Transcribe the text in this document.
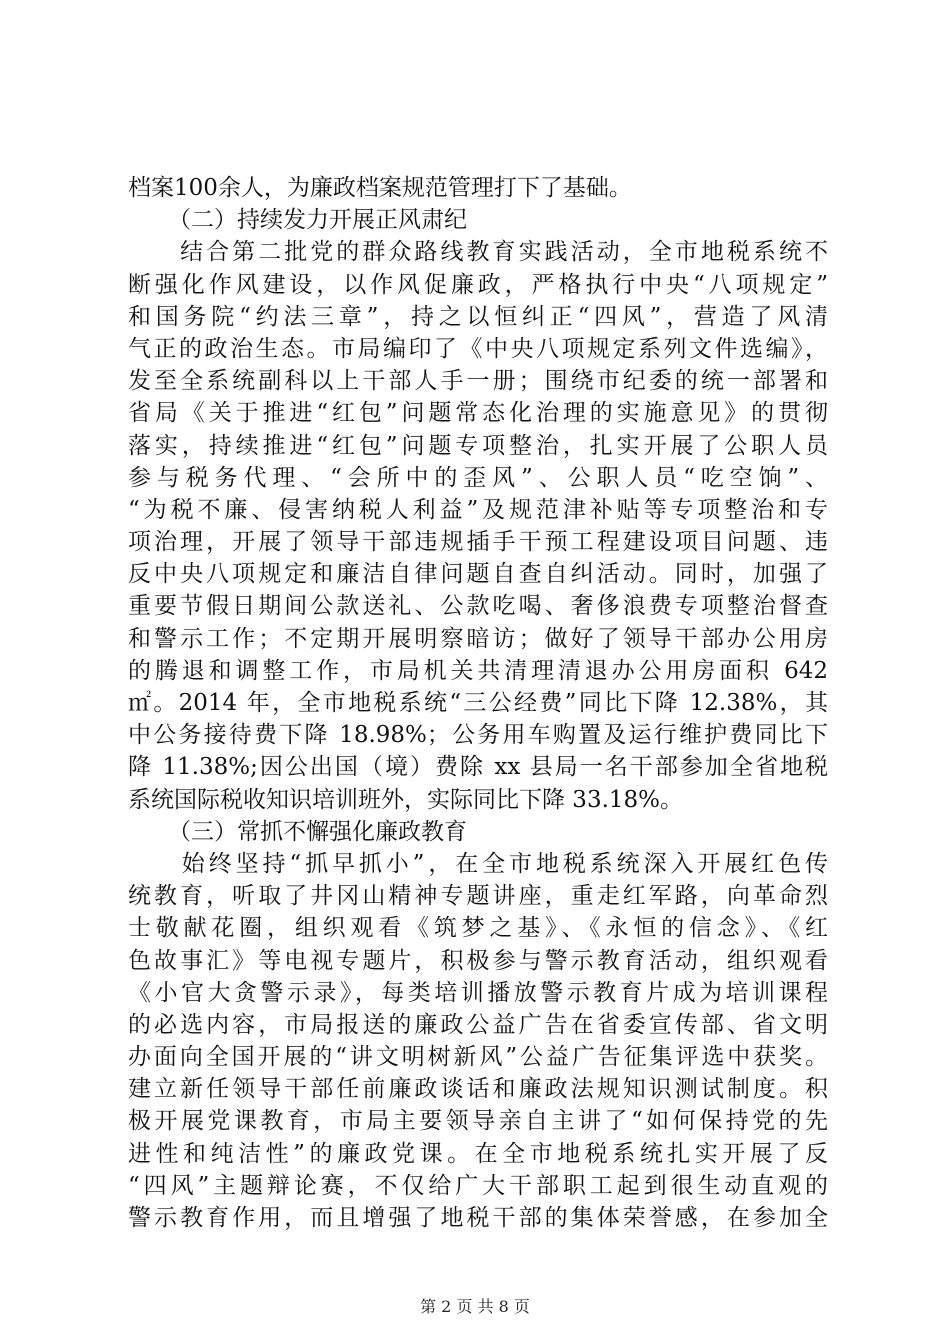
档案100余人，为廉政档案规范管理打下了基础。
（二）持续发力开展正风肃纪
　　结合第二批党的群众路线教育实践活动，全市地税系统不
断强化作风建设，以作风促廉政，严格执行中央“八项规定”
和国务院“约法三章”，持之以恒纠正“四风”，营造了风清
气正的政治生态。市局编印了《中央八项规定系列文件选编》，
发至全系统副科以上干部人手一册；围绕市纪委的统一部署和
省局《关于推进“红包”问题常态化治理的实施意见》的贯彻
落实，持续推进“红包”问题专项整治，扎实开展了公职人员
参与税务代理、“会所中的歪风”、公职人员“吃空饷”、
“为税不廉、侵害纳税人利益”及规范津补贴等专项整治和专
项治理，开展了领导干部违规插手干预工程建设项目问题、违
反中央八项规定和廉洁自律问题自查自纠活动。同时，加强了
重要节假日期间公款送礼、公款吃喝、奢侈浪费专项整治督查
和警示工作；不定期开展明察暗访；做好了领导干部办公用房
的腾退和调整工作，市局机关共清理清退办公用房面积 642
㎡。2014 年，全市地税系统“三公经费”同比下降 12.38%，其
中公务接待费下降 18.98%；公务用车购置及运行维护费同比下
降 11.38%;因公出国（境）费除 xx 县局一名干部参加全省地税
系统国际税收知识培训班外，实际同比下降 33.18%。
（三）常抓不懈强化廉政教育
　　始终坚持“抓早抓小”，在全市地税系统深入开展红色传
统教育，听取了井冈山精神专题讲座，重走红军路，向革命烈
士敬献花圈，组织观看《筑梦之基》、《永恒的信念》、《红
色故事汇》等电视专题片，积极参与警示教育活动，组织观看
《小官大贪警示录》，每类培训播放警示教育片成为培训课程
的必选内容，市局报送的廉政公益广告在省委宣传部、省文明
办面向全国开展的“讲文明树新风”公益广告征集评选中获奖。
建立新任领导干部任前廉政谈话和廉政法规知识测试制度。积
极开展党课教育，市局主要领导亲自主讲了“如何保持党的先
进性和纯洁性”的廉政党课。在全市地税系统扎实开展了反
“四风”主题辩论赛，不仅给广大干部职工起到很生动直观的
警示教育作用，而且增强了地税干部的集体荣誉感，在参加全
第 2 页 共 8 页
